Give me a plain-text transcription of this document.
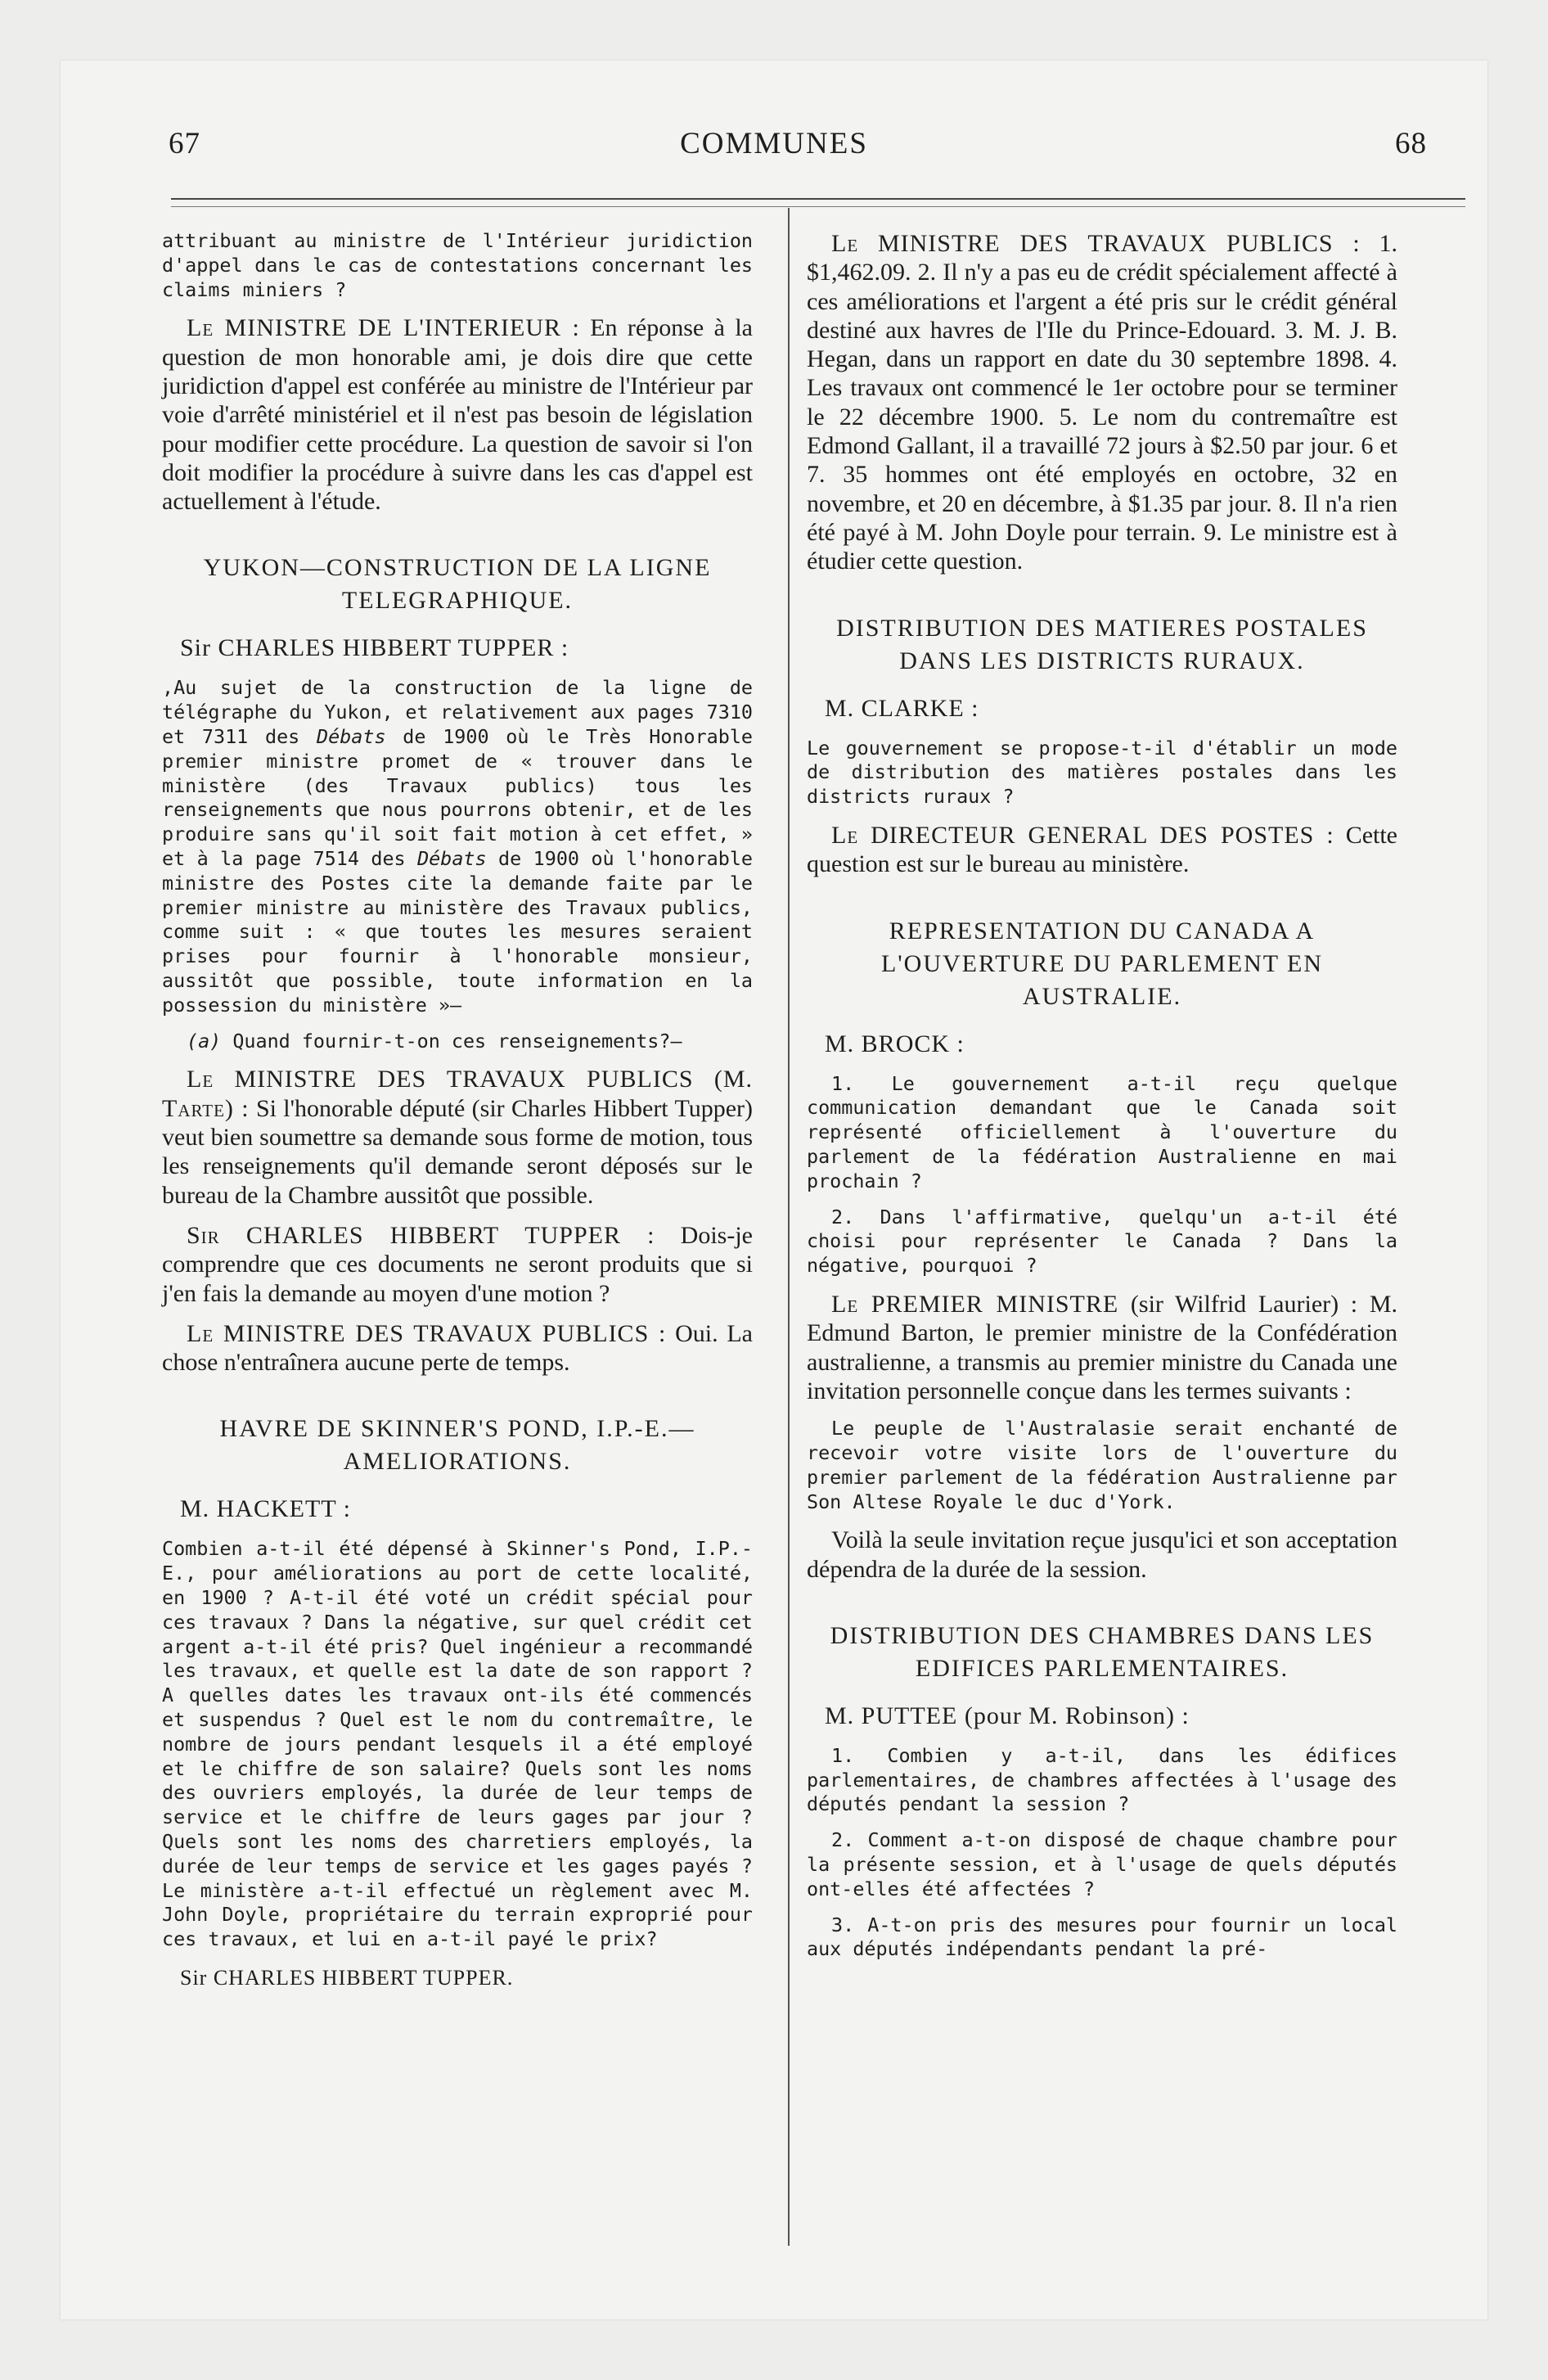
67	COMMUNES	68

attribuant au ministre de l'Intérieur juridiction d'appel dans le cas de contestations concernant les claims miniers ?

Le MINISTRE DE L'INTERIEUR : En réponse à la question de mon honorable ami, je dois dire que cette juridiction d'appel est conférée au ministre de l'Intérieur par voie d'arrêté ministériel et il n'est pas besoin de législation pour modifier cette procédure. La question de savoir si l'on doit modifier la procédure à suivre dans les cas d'appel est actuellement à l'étude.

YUKON—CONSTRUCTION DE LA LIGNE TELEGRAPHIQUE.
Sir CHARLES HIBBERT TUPPER :

,Au sujet de la construction de la ligne de télégraphe du Yukon, et relativement aux pages 7310 et 7311 des Débats de 1900 où le Très Honorable premier ministre promet de « trouver dans le ministère (des Travaux publics) tous les renseignements que nous pourrons obtenir, et de les produire sans qu'il soit fait motion à cet effet, » et à la page 7514 des Débats de 1900 où l'honorable ministre des Postes cite la demande faite par le premier ministre au ministère des Travaux publics, comme suit : « que toutes les mesures seraient prises pour fournir à l'honorable monsieur, aussitôt que possible, toute information en la possession du ministère »—

(a) Quand fournir-t-on ces renseignements?—

Le MINISTRE DES TRAVAUX PUBLICS (M. Tarte) : Si l'honorable député (sir Charles Hibbert Tupper) veut bien soumettre sa demande sous forme de motion, tous les renseignements qu'il demande seront déposés sur le bureau de la Chambre aussitôt que possible.

Sir CHARLES HIBBERT TUPPER : Dois-je comprendre que ces documents ne seront produits que si j'en fais la demande au moyen d'une motion ?

Le MINISTRE DES TRAVAUX PUBLICS : Oui. La chose n'entraînera aucune perte de temps.

HAVRE DE SKINNER'S POND, I.P.-E.—AMELIORATIONS.
M. HACKETT :

Combien a-t-il été dépensé à Skinner's Pond, I.P.-E., pour améliorations au port de cette localité, en 1900 ? A-t-il été voté un crédit spécial pour ces travaux ? Dans la négative, sur quel crédit cet argent a-t-il été pris? Quel ingénieur a recommandé les travaux, et quelle est la date de son rapport ? A quelles dates les travaux ont-ils été commencés et suspendus ? Quel est le nom du contremaître, le nombre de jours pendant lesquels il a été employé et le chiffre de son salaire? Quels sont les noms des ouvriers employés, la durée de leur temps de service et le chiffre de leurs gages par jour ? Quels sont les noms des charretiers employés, la durée de leur temps de service et les gages payés ? Le ministère a-t-il effectué un règlement avec M. John Doyle, propriétaire du terrain exproprié pour ces travaux, et lui en a-t-il payé le prix?

Sir CHARLES HIBBERT TUPPER.

Le MINISTRE DES TRAVAUX PUBLICS : 1. $1,462.09. 2. Il n'y a pas eu de crédit spécialement affecté à ces améliorations et l'argent a été pris sur le crédit général destiné aux havres de l'Ile du Prince-Edouard. 3. M. J. B. Hegan, dans un rapport en date du 30 septembre 1898. 4. Les travaux ont commencé le 1er octobre pour se terminer le 22 décembre 1900. 5. Le nom du contremaître est Edmond Gallant, il a travaillé 72 jours à $2.50 par jour. 6 et 7. 35 hommes ont été employés en octobre, 32 en novembre, et 20 en décembre, à $1.35 par jour. 8. Il n'a rien été payé à M. John Doyle pour terrain. 9. Le ministre est à étudier cette question.

DISTRIBUTION DES MATIERES POSTALES DANS LES DISTRICTS RURAUX.
M. CLARKE :

Le gouvernement se propose-t-il d'établir un mode de distribution des matières postales dans les districts ruraux ?

Le DIRECTEUR GENERAL DES POSTES : Cette question est sur le bureau au ministère.

REPRESENTATION DU CANADA A L'OUVERTURE DU PARLEMENT EN AUSTRALIE.
M. BROCK :

1. Le gouvernement a-t-il reçu quelque communication demandant que le Canada soit représenté officiellement à l'ouverture du parlement de la fédération Australienne en mai prochain ?

2. Dans l'affirmative, quelqu'un a-t-il été choisi pour représenter le Canada ? Dans la négative, pourquoi ?

Le PREMIER MINISTRE (sir Wilfrid Laurier) : M. Edmund Barton, le premier ministre de la Confédération australienne, a transmis au premier ministre du Canada une invitation personnelle conçue dans les termes suivants :

Le peuple de l'Australasie serait enchanté de recevoir votre visite lors de l'ouverture du premier parlement de la fédération Australienne par Son Altese Royale le duc d'York.

Voilà la seule invitation reçue jusqu'ici et son acceptation dépendra de la durée de la session.

DISTRIBUTION DES CHAMBRES DANS LES EDIFICES PARLEMENTAIRES.
M. PUTTEE (pour M. Robinson) :

1. Combien y a-t-il, dans les édifices parlementaires, de chambres affectées à l'usage des députés pendant la session ?

2. Comment a-t-on disposé de chaque chambre pour la présente session, et à l'usage de quels députés ont-elles été affectées ?

3. A-t-on pris des mesures pour fournir un local aux députés indépendants pendant la pré-
